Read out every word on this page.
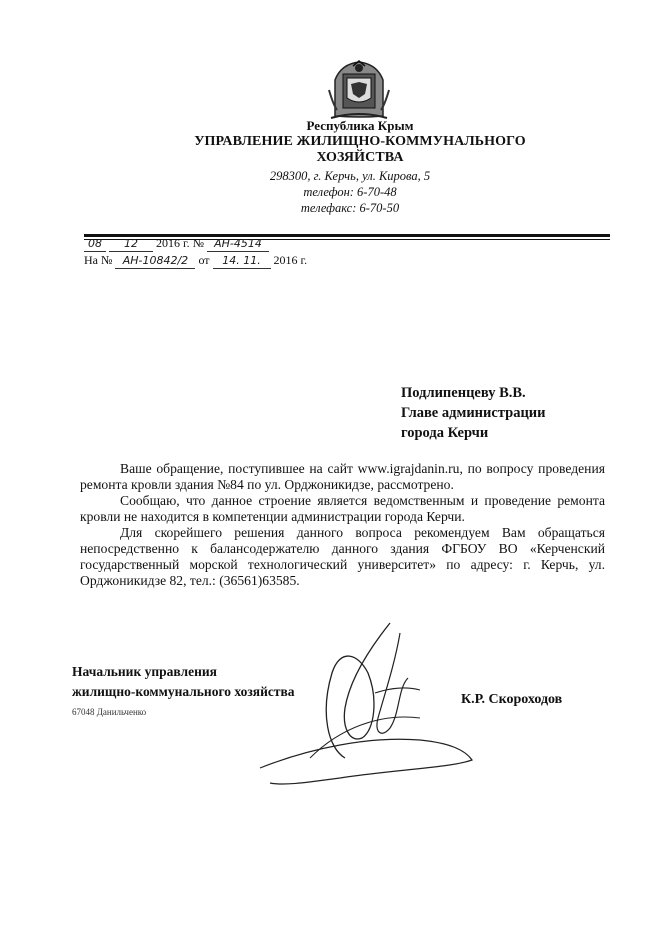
Республика Крым
УПРАВЛЕНИЕ ЖИЛИЩНО-КОММУНАЛЬНОГО
ХОЗЯЙСТВА
298300, г. Керчь, ул. Кирова, 5
телефон: 6-70-48
телефакс: 6-70-50
08 12 2016 г. № АН-4514
На № АН-10842/2 от 14. 11. 2016 г.
Подлипенцеву В.В.
Главе администрации
города Керчи

Ваше обращение, поступившее на сайт www.igrajdanin.ru, по вопросу проведения ремонта кровли здания №84 по ул. Орджоникидзе, рассмотрено.

Сообщаю, что данное строение является ведомственным и проведение ремонта кровли не находится в компетенции администрации города Керчи.

Для скорейшего решения данного вопроса рекомендуем Вам обращаться непосредственно к балансодержателю данного здания ФГБОУ ВО «Керченский государственный морской технологический университет» по адресу: г. Керчь, ул. Орджоникидзе 82, тел.: (36561)63585.

Начальник управления
жилищно-коммунального хозяйства
К.Р. Скороходов
67048 Данильченко
